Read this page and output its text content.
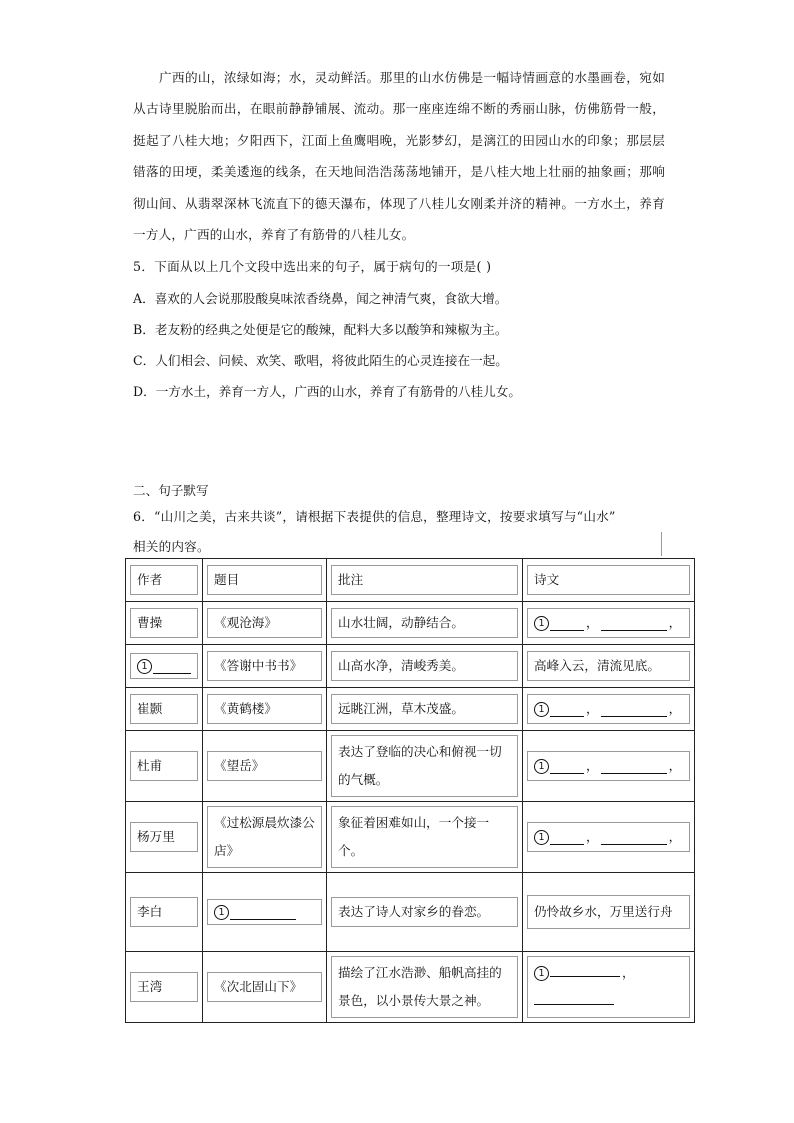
广西的山，浓绿如海；水，灵动鲜活。那里的山水仿佛是一幅诗情画意的水墨画卷，宛如从古诗里脱胎而出，在眼前静静铺展、流动。那一座座连绵不断的秀丽山脉，仿佛筋骨一般，挺起了八桂大地；夕阳西下，江面上鱼鹰唱晚，光影梦幻，是漓江的田园山水的印象；那层层错落的田埂，柔美逶迤的线条，在天地间浩浩荡荡地铺开，是八桂大地上壮丽的抽象画；那响彻山间、从翡翠深林飞流直下的德天瀑布，体现了八桂儿女刚柔并济的精神。一方水土，养育一方人，广西的山水，养育了有筋骨的八桂儿女。

5．下面从以上几个文段中选出来的句子，属于病句的一项是( )
A．喜欢的人会说那股酸臭味浓香绕鼻，闻之神清气爽，食欲大增。
B．老友粉的经典之处便是它的酸辣，配料大多以酸笋和辣椒为主。
C．人们相会、问候、欢笑、歌唱，将彼此陌生的心灵连接在一起。
D．一方水土，养育一方人，广西的山水，养育了有筋骨的八桂儿女。
二、句子默写
6．“山川之美，古来共谈”，请根据下表提供的信息，整理诗文，按要求填写与“山水”
相关的内容。
作者	题目	批注	诗文

曹操	《观沧海》	山水壮阔，动静结合。	1 ， ，

1	《答谢中书书》	山高水净，清峻秀美。	高峰入云，清流见底。

崔颢	《黄鹤楼》	远眺江洲，草木茂盛。	1 ， ，

杜甫	《望岳》	表达了登临的决心和俯视一切的气概。	1 ， ，

杨万里	《过松源晨炊漆公店》	象征着困难如山，一个接一个。	1 ， ，

李白	1	表达了诗人对家乡的眷恋。	仍怜故乡水，万里送行舟

王湾	《次北固山下》	描绘了江水浩渺、船帆高挂的景色，以小景传大景之神。	1 ，
